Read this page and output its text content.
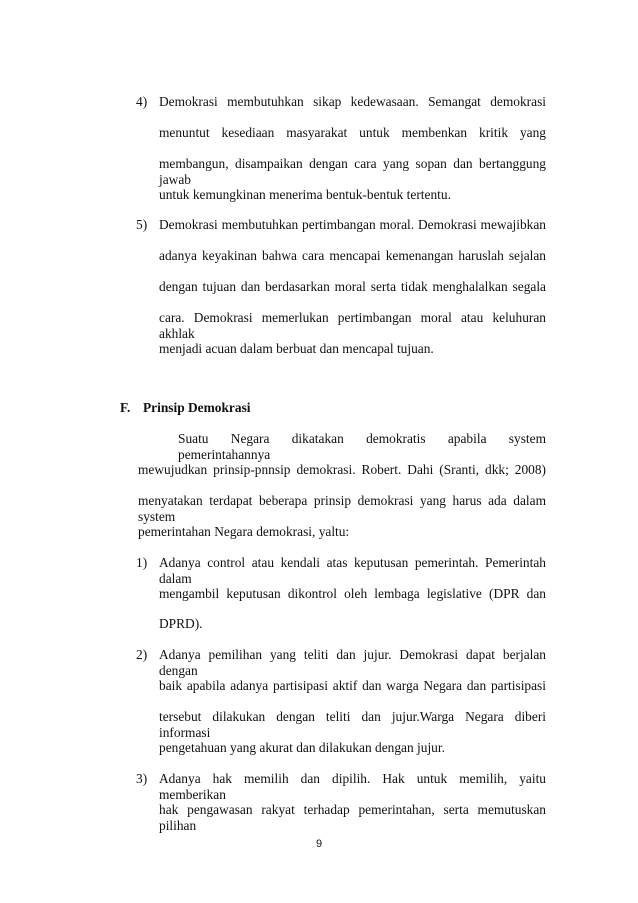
4) Demokrasi membutuhkan sikap kedewasaan. Semangat demokrasi
menuntut kesediaan masyarakat untuk membenkan kritik yang
membangun, disampaikan dengan cara yang sopan dan bertanggung jawab
untuk kemungkinan menerima bentuk-bentuk tertentu.
5) Demokrasi membutuhkan pertimbangan moral. Demokrasi mewajibkan
adanya keyakinan bahwa cara mencapai kemenangan haruslah sejalan
dengan tujuan dan berdasarkan moral serta tidak menghalalkan segala
cara. Demokrasi memerlukan pertimbangan moral atau keluhuran akhlak
menjadi acuan dalam berbuat dan mencapal tujuan.
F. Prinsip Demokrasi
Suatu Negara dikatakan demokratis apabila system pemerintahannya
mewujudkan prinsip-pnnsip demokrasi. Robert. Dahi (Sranti, dkk; 2008)
menyatakan terdapat beberapa prinsip demokrasi yang harus ada dalam system
pemerintahan Negara demokrasi, yaltu:
1) Adanya control atau kendali atas keputusan pemerintah. Pemerintah dalam
mengambil keputusan dikontrol oleh lembaga legislative (DPR dan
DPRD).
2) Adanya pemilihan yang teliti dan jujur. Demokrasi dapat berjalan dengan
baik apabila adanya partisipasi aktif dan warga Negara dan partisipasi
tersebut dilakukan dengan teliti dan jujur.Warga Negara diberi informasi
pengetahuan yang akurat dan dilakukan dengan jujur.
3) Adanya hak memilih dan dipilih. Hak untuk memilih, yaitu memberikan
hak pengawasan rakyat terhadap pemerintahan, serta memutuskan pilihan
9
